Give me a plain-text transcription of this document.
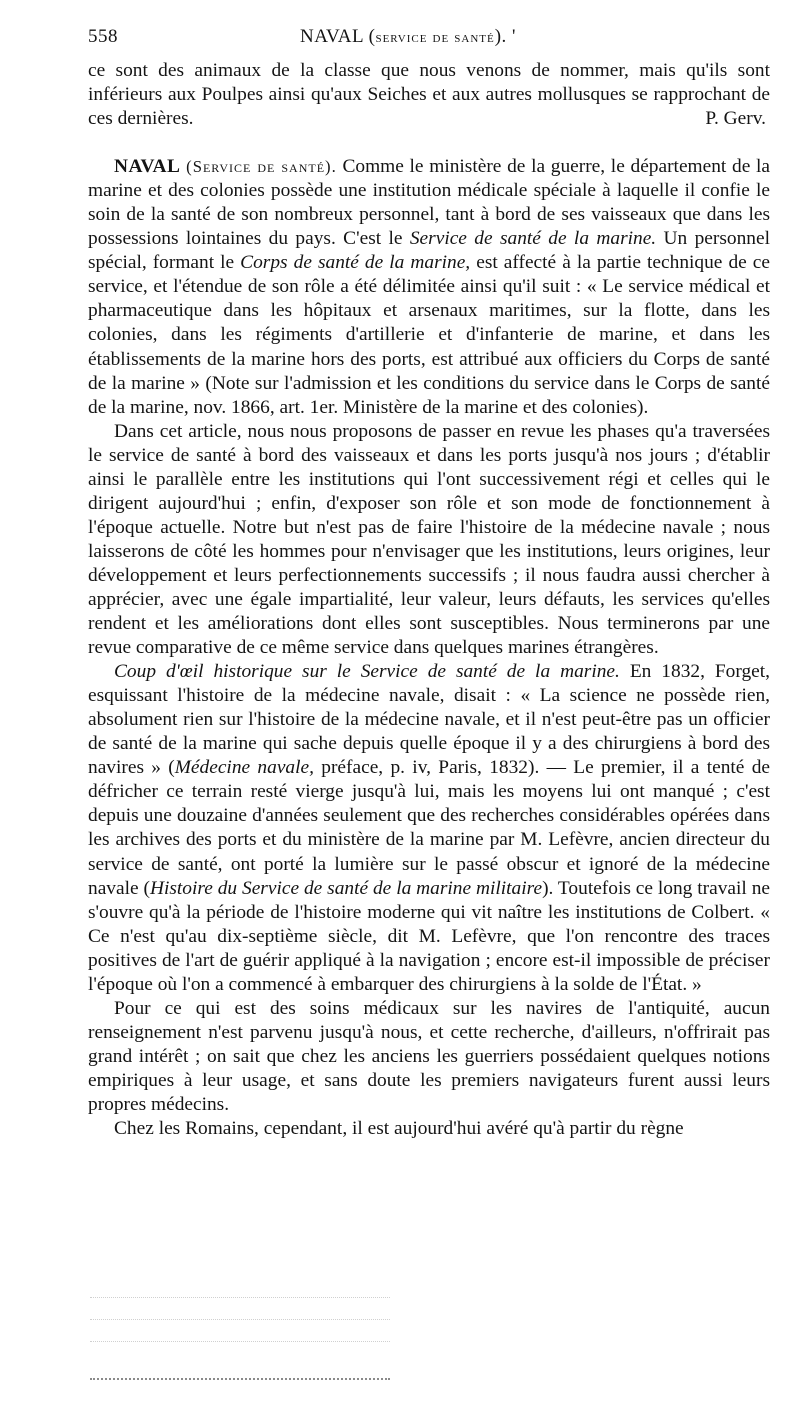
558	NAVAL (service de santé). '

ce sont des animaux de la classe que nous venons de nommer, mais qu'ils sont inférieurs aux Poulpes ainsi qu'aux Seiches et aux autres mollusques se rapprochant de ces dernières.	P. Gerv.

NAVAL (Service de santé). Comme le ministère de la guerre, le département de la marine et des colonies possède une institution médicale spéciale à laquelle il confie le soin de la santé de son nombreux personnel, tant à bord de ses vaisseaux que dans les possessions lointaines du pays. C'est le Service de santé de la marine. Un personnel spécial, formant le Corps de santé de la marine, est affecté à la partie technique de ce service, et l'étendue de son rôle a été délimitée ainsi qu'il suit : « Le service médical et pharmaceutique dans les hôpitaux et arsenaux maritimes, sur la flotte, dans les colonies, dans les régiments d'artillerie et d'infanterie de marine, et dans les établissements de la marine hors des ports, est attribué aux officiers du Corps de santé de la marine » (Note sur l'admission et les conditions du service dans le Corps de santé de la marine, nov. 1866, art. 1er. Ministère de la marine et des colonies).

Dans cet article, nous nous proposons de passer en revue les phases qu'a traversées le service de santé à bord des vaisseaux et dans les ports jusqu'à nos jours ; d'établir ainsi le parallèle entre les institutions qui l'ont successivement régi et celles qui le dirigent aujourd'hui ; enfin, d'exposer son rôle et son mode de fonctionnement à l'époque actuelle. Notre but n'est pas de faire l'histoire de la médecine navale ; nous laisserons de côté les hommes pour n'envisager que les institutions, leurs origines, leur développement et leurs perfectionnements successifs ; il nous faudra aussi chercher à apprécier, avec une égale impartialité, leur valeur, leurs défauts, les services qu'elles rendent et les améliorations dont elles sont susceptibles. Nous terminerons par une revue comparative de ce même service dans quelques marines étrangères.

Coup d'œil historique sur le Service de santé de la marine. En 1832, Forget, esquissant l'histoire de la médecine navale, disait : « La science ne possède rien, absolument rien sur l'histoire de la médecine navale, et il n'est peut-être pas un officier de santé de la marine qui sache depuis quelle époque il y a des chirurgiens à bord des navires » (Médecine navale, préface, p. iv, Paris, 1832). — Le premier, il a tenté de défricher ce terrain resté vierge jusqu'à lui, mais les moyens lui ont manqué ; c'est depuis une douzaine d'années seulement que des recherches considérables opérées dans les archives des ports et du ministère de la marine par M. Lefèvre, ancien directeur du service de santé, ont porté la lumière sur le passé obscur et ignoré de la médecine navale (Histoire du Service de santé de la marine militaire). Toutefois ce long travail ne s'ouvre qu'à la période de l'histoire moderne qui vit naître les institutions de Colbert. « Ce n'est qu'au dix-septième siècle, dit M. Lefèvre, que l'on rencontre des traces positives de l'art de guérir appliqué à la navigation ; encore est-il impossible de préciser l'époque où l'on a commencé à embarquer des chirurgiens à la solde de l'État. »

Pour ce qui est des soins médicaux sur les navires de l'antiquité, aucun renseignement n'est parvenu jusqu'à nous, et cette recherche, d'ailleurs, n'offrirait pas grand intérêt ; on sait que chez les anciens les guerriers possédaient quelques notions empiriques à leur usage, et sans doute les premiers navigateurs furent aussi leurs propres médecins.

Chez les Romains, cependant, il est aujourd'hui avéré qu'à partir du règne
